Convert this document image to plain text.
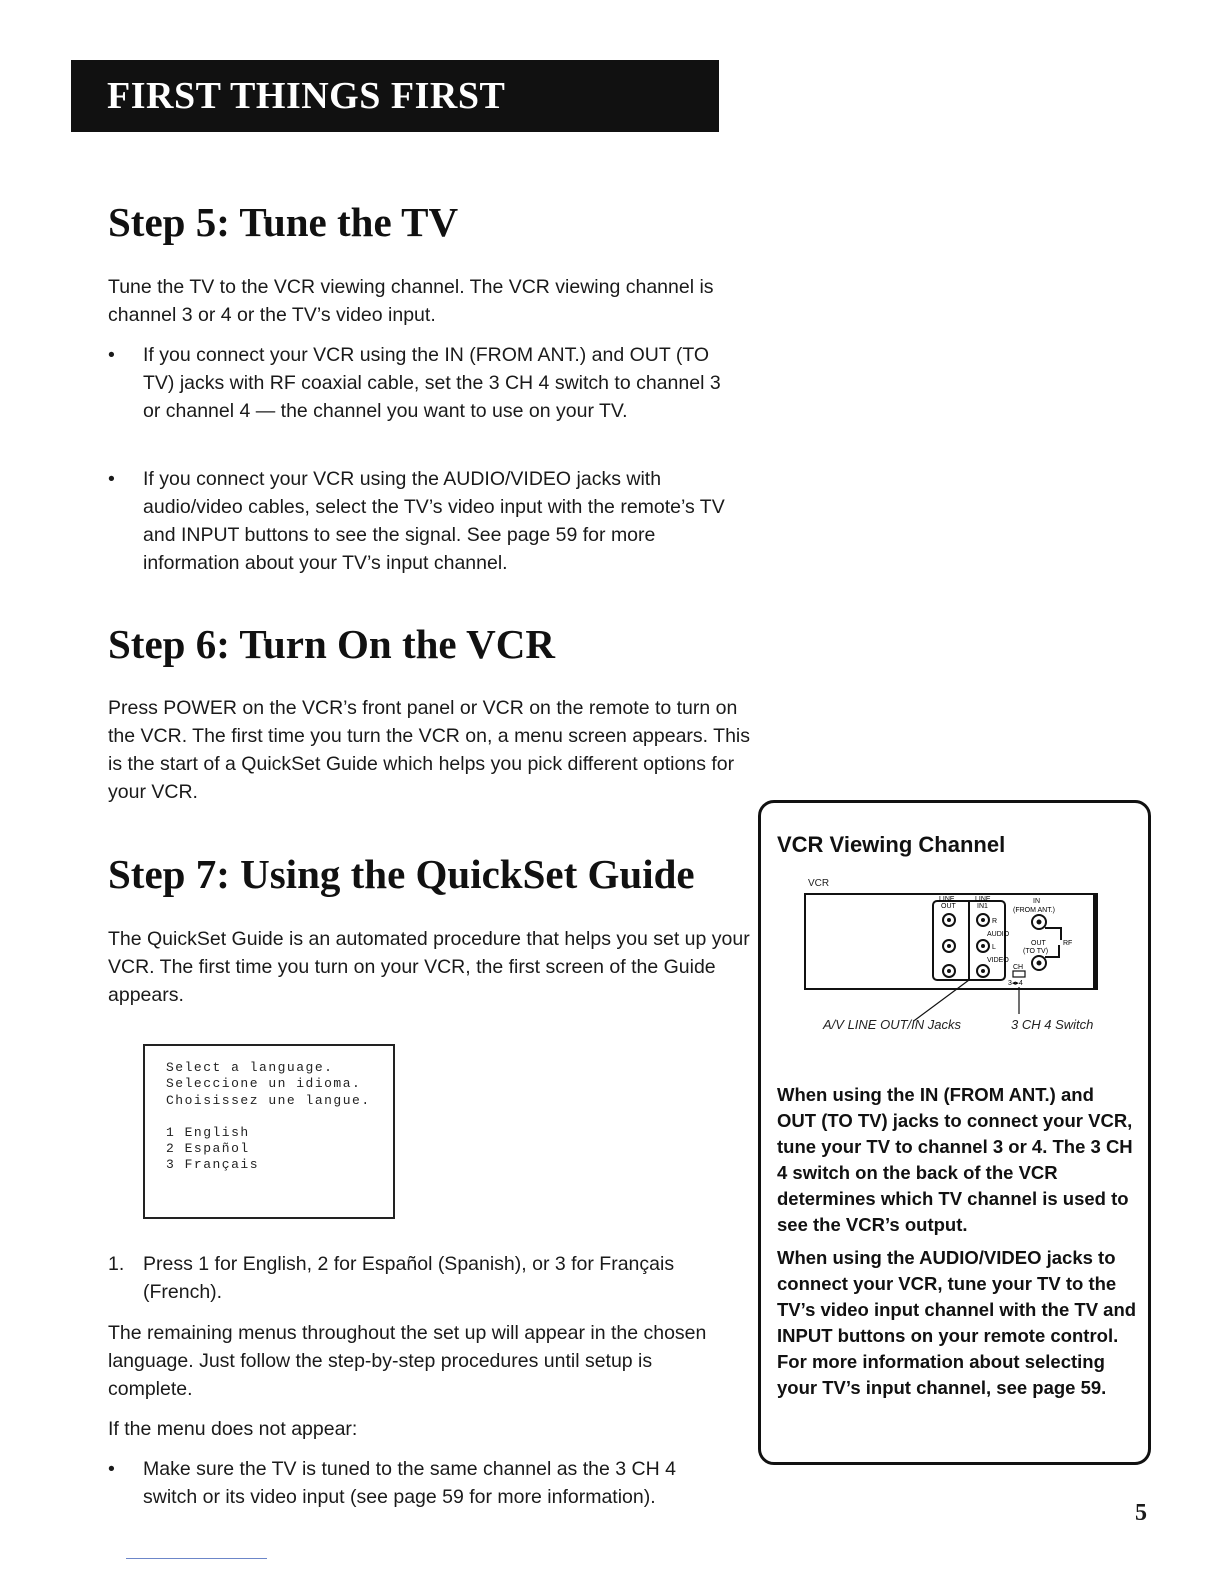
FIRST THINGS FIRST
Step 5: Tune the TV

Tune the TV to the VCR viewing channel. The VCR viewing channel is channel 3 or 4 or the TV’s video input.

•	If you connect your VCR using the IN (FROM ANT.) and OUT (TO TV) jacks with RF coaxial cable, set the 3 CH 4 switch to channel 3 or channel 4 — the channel you want to use on your TV.
•	If you connect your VCR using the AUDIO/VIDEO jacks with audio/video cables, select the TV’s video input with the remote’s TV and INPUT buttons to see the signal. See page 59 for more information about your TV’s input channel.
Step 6: Turn On the VCR

Press POWER on the VCR’s front panel or VCR on the remote to turn on the VCR. The first time you turn the VCR on, a menu screen appears. This is the start of a QuickSet Guide which helps you pick different options for your VCR.

Step 7: Using the QuickSet Guide

The QuickSet Guide is an automated procedure that helps you set up your VCR. The first time you turn on your VCR, the first screen of the Guide appears.

1. Press 1 for English, 2 for Español (Spanish), or 3 for Français (French).

The remaining menus throughout the set up will appear in the chosen language. Just follow the step-by-step procedures until setup is complete.

If the menu does not appear:

•	Make sure the TV is tuned to the same channel as the 3 CH 4 switch or its video input (see page 59 for more information).
Select a language.
Seleccione un idioma.
Choisissez une langue.
1 English
2 Español
3 Français
VCR Viewing Channel
VCR
LINE
OUT
LINE
IN1
IN
(FROM ANT.)
R
L
AUDIO
VIDEO
OUT
(TO TV)
RF
CH
3◂▸4
A/V LINE OUT/IN Jacks	3 CH 4 Switch

When using the IN (FROM ANT.) and OUT (TO TV) jacks to connect your VCR, tune your TV to channel 3 or 4. The 3 CH 4 switch on the back of the VCR determines which TV channel is used to see the VCR’s output.

When using the AUDIO/VIDEO jacks to connect your VCR, tune your TV to the TV’s video input channel with the TV and INPUT buttons on your remote control. For more information about selecting your TV’s input channel, see page 59.

5
